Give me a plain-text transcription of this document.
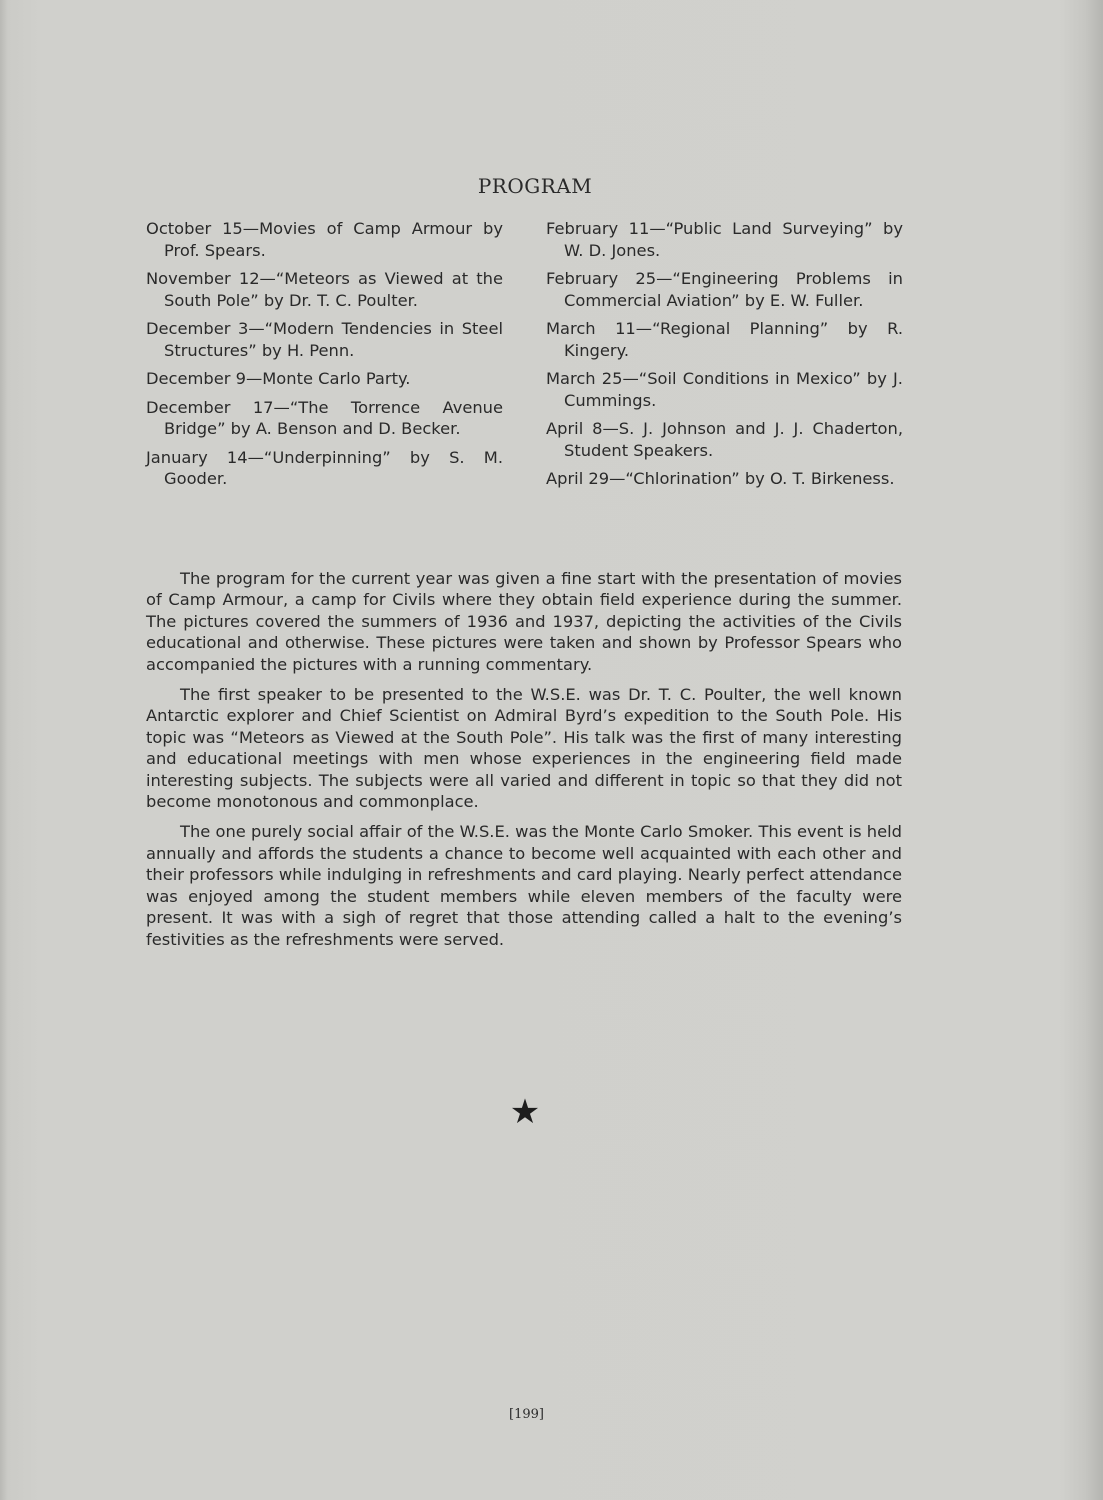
PROGRAM

October 15—Movies of Camp Armour by Prof. Spears.

November 12—“Meteors as Viewed at the South Pole” by Dr. T. C. Poulter.

December 3—“Modern Tendencies in Steel Structures” by H. Penn.

December 9—Monte Carlo Party.

December 17—“The Torrence Avenue Bridge” by A. Benson and D. Becker.

January 14—“Underpinning” by S. M. Gooder.

February 11—“Public Land Surveying” by W. D. Jones.

February 25—“Engineering Problems in Commercial Aviation” by E. W. Fuller.

March 11—“Regional Planning” by R. Kingery.

March 25—“Soil Conditions in Mexico” by J. Cummings.

April 8—S. J. Johnson and J. J. Chaderton, Student Speakers.

April 29—“Chlorination” by O. T. Birkeness.

The program for the current year was given a fine start with the presentation of movies of Camp Armour, a camp for Civils where they obtain field experience during the summer. The pictures covered the summers of 1936 and 1937, depicting the activities of the Civils educational and otherwise. These pictures were taken and shown by Professor Spears who accompanied the pictures with a running commentary.

The first speaker to be presented to the W.S.E. was Dr. T. C. Poulter, the well known Antarctic explorer and Chief Scientist on Admiral Byrd’s expedition to the South Pole. His topic was “Meteors as Viewed at the South Pole”. His talk was the first of many interesting and educational meetings with men whose experiences in the engineering field made interesting subjects. The subjects were all varied and different in topic so that they did not become monotonous and commonplace.

The one purely social affair of the W.S.E. was the Monte Carlo Smoker. This event is held annually and affords the students a chance to become well acquainted with each other and their professors while indulging in refreshments and card playing. Nearly perfect attendance was enjoyed among the student members while eleven members of the faculty were present. It was with a sigh of regret that those attending called a halt to the evening’s festivities as the refreshments were served.

★
[199]
